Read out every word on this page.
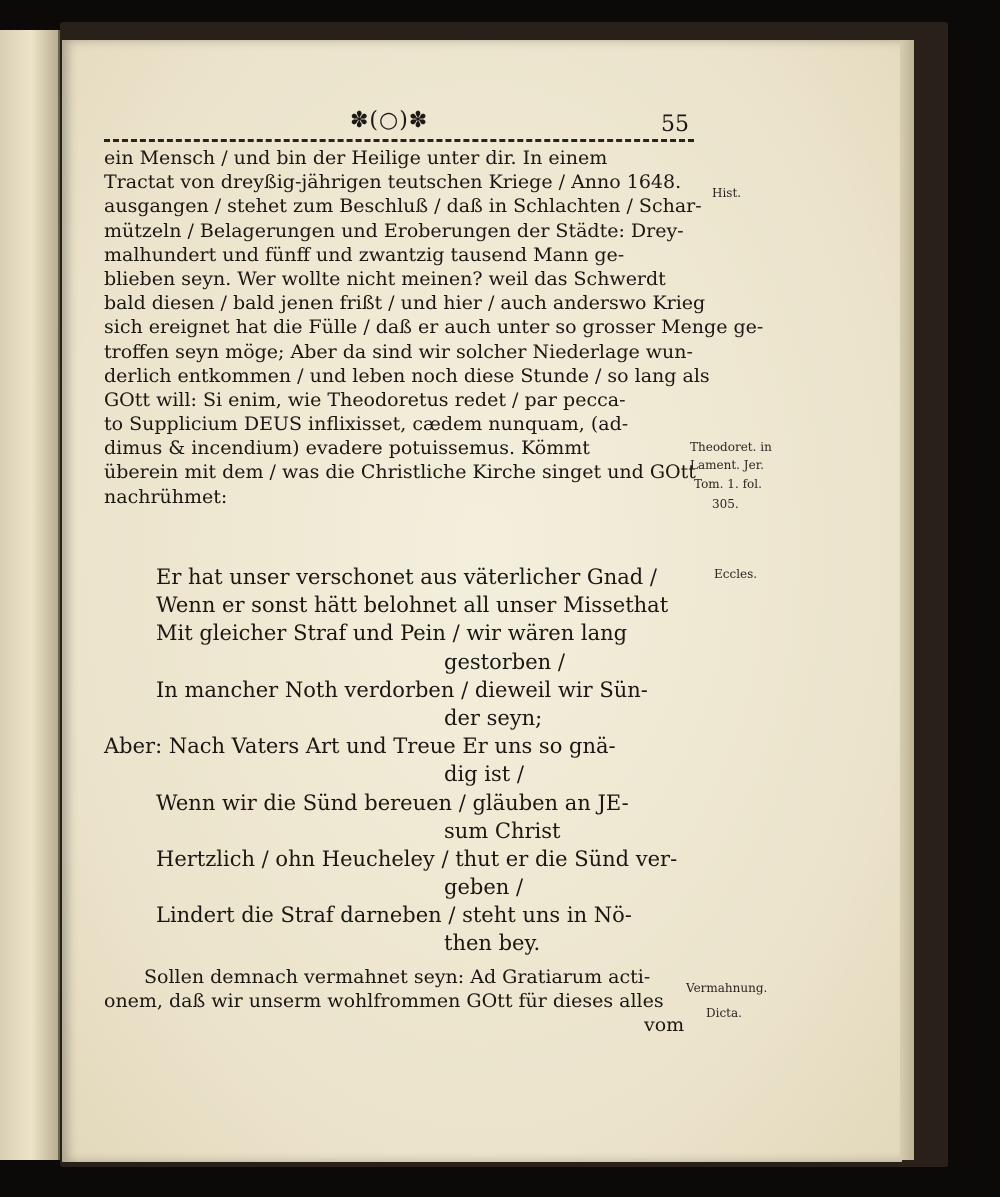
✽(○)✽	55
ein Mensch / und bin der Heilige unter dir. In einem
Tractat von dreyßig-jährigen teutschen Kriege / Anno 1648.
ausgangen / stehet zum Beschluß / daß in Schlachten / Schar-
mützeln / Belagerungen und Eroberungen der Städte: Drey-
malhundert und fünff und zwantzig tausend Mann ge-
blieben seyn. Wer wollte nicht meinen? weil das Schwerdt
bald diesen / bald jenen frißt / und hier / auch anderswo Krieg
sich ereignet hat die Fülle / daß er auch unter so grosser Menge ge-
troffen seyn möge; Aber da sind wir solcher Niederlage wun-
derlich entkommen / und leben noch diese Stunde / so lang als
GOtt will: Si enim, wie Theodoretus redet / par pecca-
to Supplicium DEUS inflixisset, cædem nunquam, (ad-
dimus & incendium) evadere potuissemus. Kömmt
überein mit dem / was die Christliche Kirche singet und GOtt
nachrühmet:
Er hat unser verschonet aus väterlicher Gnad /
Wenn er sonst hätt belohnet all unser Missethat
Mit gleicher Straf und Pein / wir wären lang
gestorben /
In mancher Noth verdorben / dieweil wir Sün-
der seyn;
Aber: Nach Vaters Art und Treue Er uns so gnä-
dig ist /
Wenn wir die Sünd bereuen / gläuben an JE-
sum Christ
Hertzlich / ohn Heucheley / thut er die Sünd ver-
geben /
Lindert die Straf darneben / steht uns in Nö-
then bey.
Sollen demnach vermahnet seyn: Ad Gratiarum acti-
onem, daß wir unserm wohlfrommen GOtt für dieses alles
vom
Hist.
Theodoret. in
Lament. Jer.
Tom. 1. fol.
305.
Eccles.
Vermahnung.
Dicta.
